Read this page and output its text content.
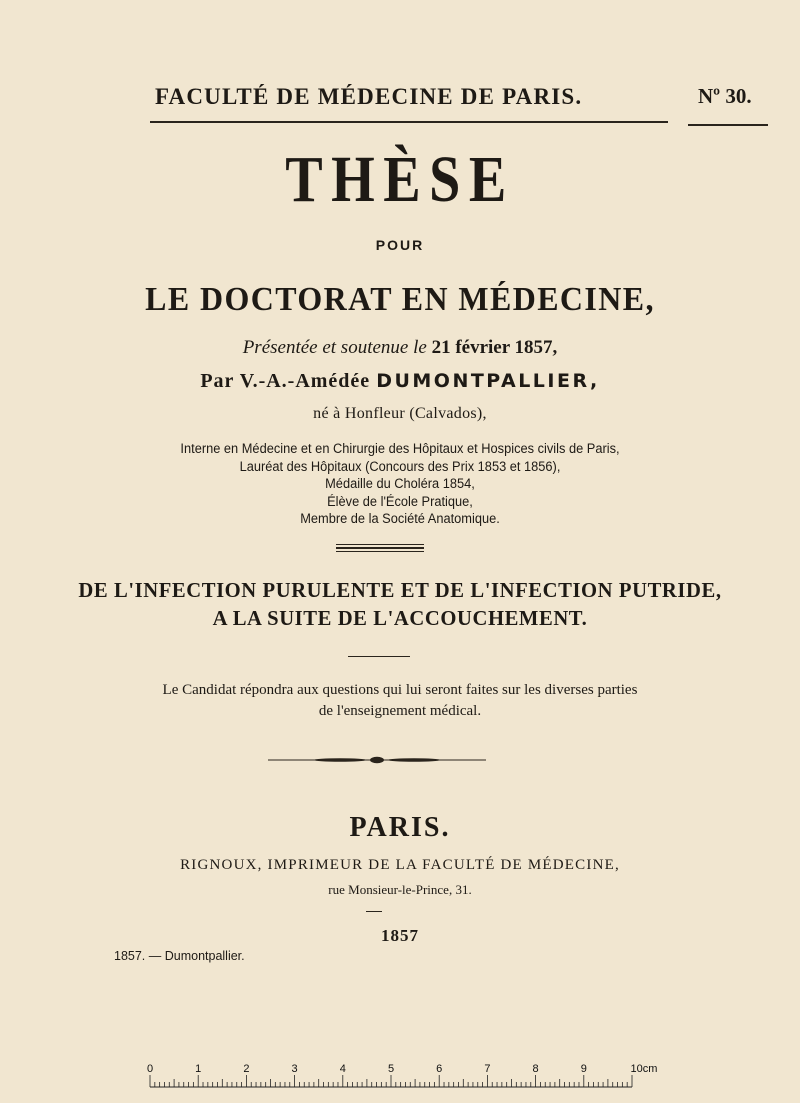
FACULTÉ DE MÉDECINE DE PARIS.	Nº 30.
THÈSE
POUR
LE DOCTORAT EN MÉDECINE,
Présentée et soutenue le 21 février 1857,
Par V.-A.-Amédée DUMONTPALLIER,
né à Honfleur (Calvados),
Interne en Médecine et en Chirurgie des Hôpitaux et Hospices civils de Paris,
Lauréat des Hôpitaux (Concours des Prix 1853 et 1856),
Médaille du Choléra 1854,
Élève de l'École Pratique,
Membre de la Société Anatomique.
DE L'INFECTION PURULENTE ET DE L'INFECTION PUTRIDE,
A LA SUITE DE L'ACCOUCHEMENT.
Le Candidat répondra aux questions qui lui seront faites sur les diverses parties
de l'enseignement médical.
PARIS.
RIGNOUX, IMPRIMEUR DE LA FACULTÉ DE MÉDECINE,
rue Monsieur-le-Prince, 31.
1857
1857. — Dumontpallier.
0	1	2	3	4	5	6	7	8	9	10cm
